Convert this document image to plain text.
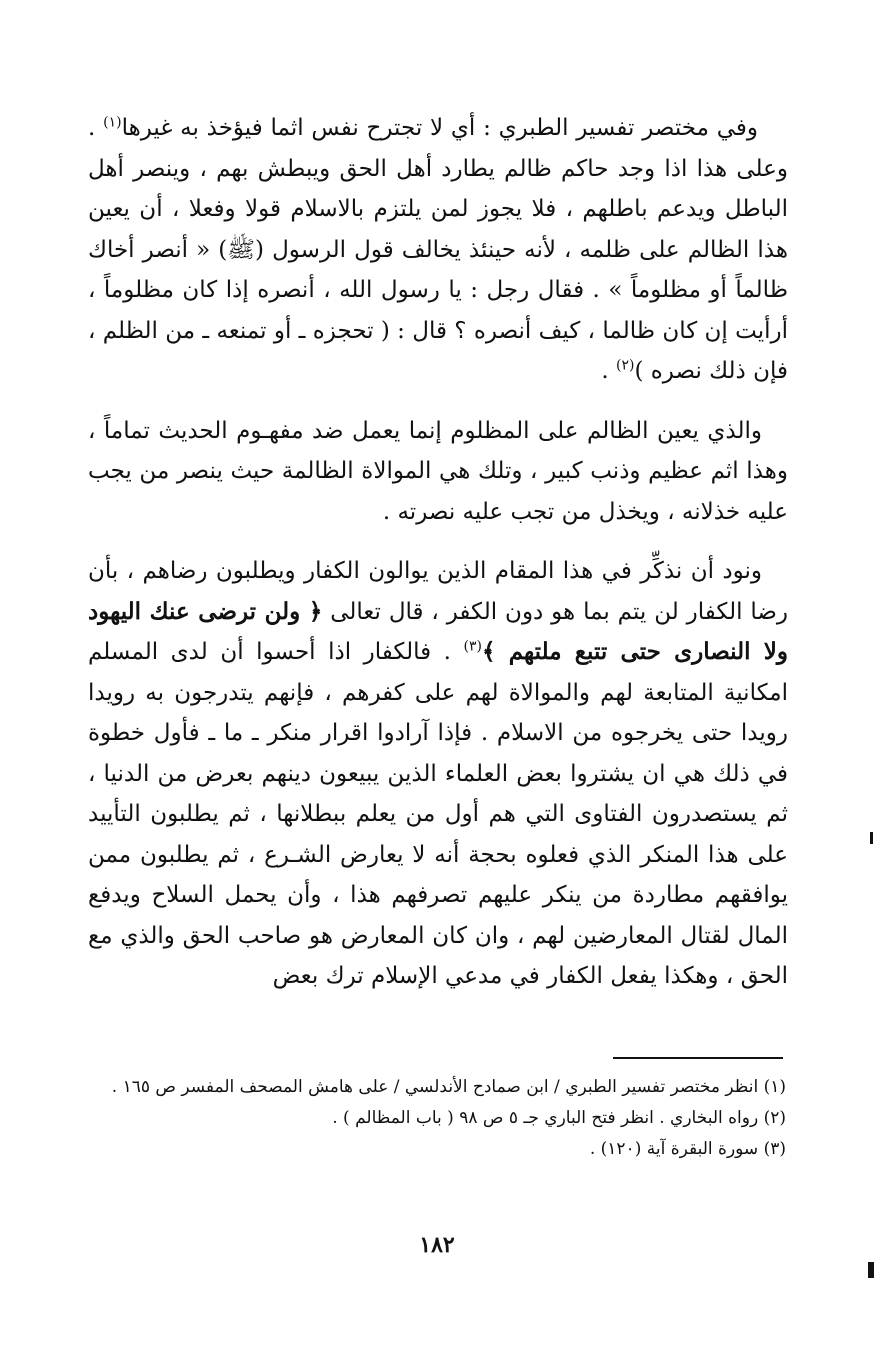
وفي مختصر تفسير الطبري : أي لا تجترح نفس اثما فيؤخذ به غيرها$^{(١)}$ . وعلى هذا اذا وجد حاكم ظالم يطارد أهل الحق ويبطش بهم ، وينصر أهل الباطل ويدعم باطلهم ، فلا يجوز لمن يلتزم بالاسلام قولا وفعلا ، أن يعين هذا الظالم على ظلمه ، لأنه حينئذ يخالف قول الرسول (ﷺ) « أنصر أخاك ظالماً أو مظلوماً » . فقال رجل : يا رسول الله ، أنصره إذا كان مظلوماً ، أرأيت إن كان ظالما ، كيف أنصره ؟ قال : ( تحجزه ـ أو تمنعه ـ من الظلم ، فإن ذلك نصره )$^{(٢)}$ .

والذي يعين الظالم على المظلوم إنما يعمل ضد مفهـوم الحديث تماماً ، وهذا اثم عظيم وذنب كبير ، وتلك هي الموالاة الظالمة حيث ينصر من يجب عليه خذلانه ، ويخذل من تجب عليه نصرته .

ونود أن نذكِّر في هذا المقام الذين يوالون الكفار ويطلبون رضاهم ، بأن رضا الكفار لن يتم بما هو دون الكفر ، قال تعالى ﴿ ولن ترضى عنك اليهود ولا النصارى حتى تتبع ملتهم ﴾$^{(٣)}$ . فالكفار اذا أحسوا أن لدى المسلم امكانية المتابعة لهم والموالاة لهم على كفرهم ، فإنهم يتدرجون به رويدا رويدا حتى يخرجوه من الاسلام . فإذا آرادوا اقرار منكر ـ ما ـ فأول خطوة في ذلك هي ان يشتروا بعض العلماء الذين يبيعون دينهم بعرض من الدنيا ، ثم يستصدرون الفتاوى التي هم أول من يعلم ببطلانها ، ثم يطلبون التأييد على هذا المنكر الذي فعلوه بحجة أنه لا يعارض الشـرع ، ثم يطلبون ممن يوافقهم مطاردة من ينكر عليهم تصرفهم هذا ، وأن يحمل السلاح ويدفع المال لقتال المعارضين لهم ، وان كان المعارض هو صاحب الحق والذي مع الحق ، وهكذا يفعل الكفار في مدعي الإسلام ترك بعض

(١) انظر مختصر تفسير الطبري / ابن صمادح الأندلسي / على هامش المصحف المفسر ص ١٦٥ .

(٢) رواه البخاري . انظر فتح الباري جـ ٥ ص ٩٨ ( باب المظالم ) .

(٣) سورة البقرة آية (١٢٠) .

١٨٢
